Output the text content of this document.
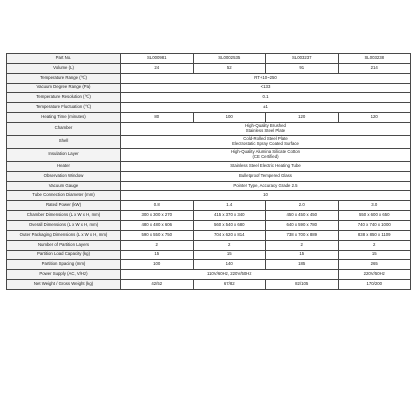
Part No.	SL000981	SL0002535	SL003237	SL003238
Volume (L)	24	52	91	214
Temperature Range (℃)	RT+10~250			
Vacuum Degree Range (Pa)	<133			
Temperature Resolution (℃)	0.1			
Temperature Fluctuation (℃)	±1			
Heating Time (minutes)	80	100	120	120
Chamber	High-Quality Brushed
Stainless Steel Plate			

Shell	Cold-Rolled Steel Plate
Electrostatic Spray Coated Surface			

Insulation Layer	High-Quality Alumina Silicate Cotton
(CE Certified)			

Heater	Stainless Steel Electric Heating Tube			
Observation Window	Bulletproof Tempered Glass			
Vacuum Gauge	Pointer Type, Accuracy Grade 2.5			
Tube Connection Diameter (mm)	10			
Rated Power (kW)	0.8	1.4	2.0	3.0
Chamber Dimensions (L x W x H, mm)	300 x 300 x 270	415 x 370 x 340	450 x 450 x 450	550 x 600 x 650
Overall Dimensions (L x W x H, mm)	480 x 480 x 606	560 x 540 x 680	640 x 590 x 780	740 x 740 x 1000
Outer Packaging Dimensions (L x W x H, mm)	590 x 550 x 750	704 x 620 x 814	738 x 700 x 889	838 x 850 x 1109
Number of Partition Layers	2	2	2	2
Partition Load Capacity (kg)	15	15	15	15
Partition Spacing (mm)	100	140	185	265
Power Supply (AC, V/Hz)	110V/60Hz, 220V/50Hz			220V/50Hz
Net Weight / Gross Weight (kg)	42/52	67/82	82/105	170/200
